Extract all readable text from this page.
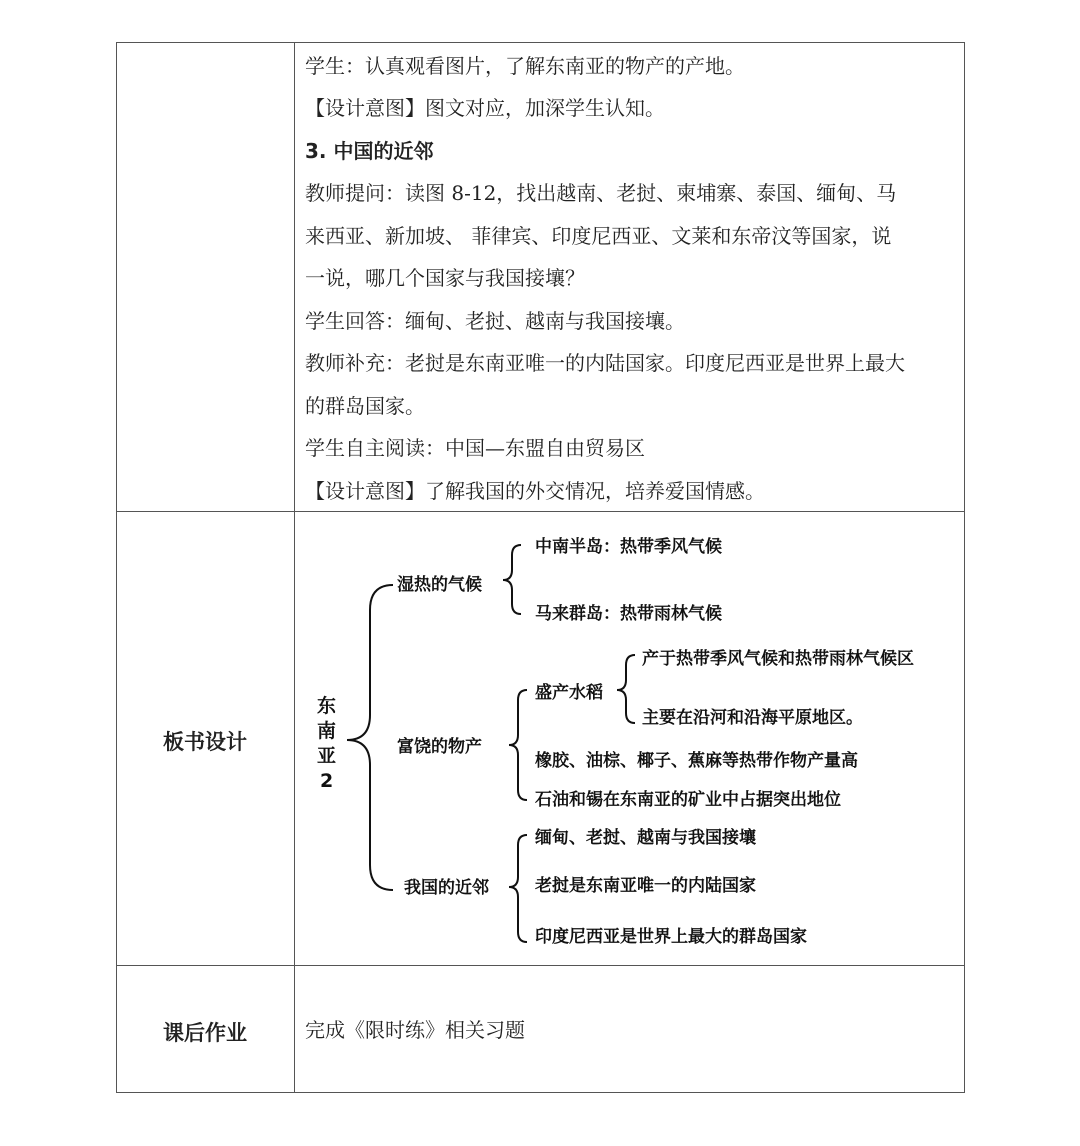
学生：认真观看图片，了解东南亚的物产的产地。
【设计意图】图文对应，加深学生认知。
3. 中国的近邻
教师提问：读图 8-12，找出越南、老挝、柬埔寨、泰国、缅甸、马
来西亚、新加坡、 菲律宾、印度尼西亚、文莱和东帝汶等国家，说
一说，哪几个国家与我国接壤？
学生回答：缅甸、老挝、越南与我国接壤。
教师补充：老挝是东南亚唯一的内陆国家。印度尼西亚是世界上最大
的群岛国家。
学生自主阅读：中国—东盟自由贸易区
【设计意图】了解我国的外交情况，培养爱国情感。
板书设计
东
南
亚
2
湿热的气候
富饶的物产
我国的近邻
中南半岛：热带季风气候
马来群岛：热带雨林气候
盛产水稻
产于热带季风气候和热带雨林气候区
主要在沿河和沿海平原地区。
橡胶、油棕、椰子、蕉麻等热带作物产量高
石油和锡在东南亚的矿业中占据突出地位
缅甸、老挝、越南与我国接壤
老挝是东南亚唯一的内陆国家
印度尼西亚是世界上最大的群岛国家
课后作业	完成《限时练》相关习题
